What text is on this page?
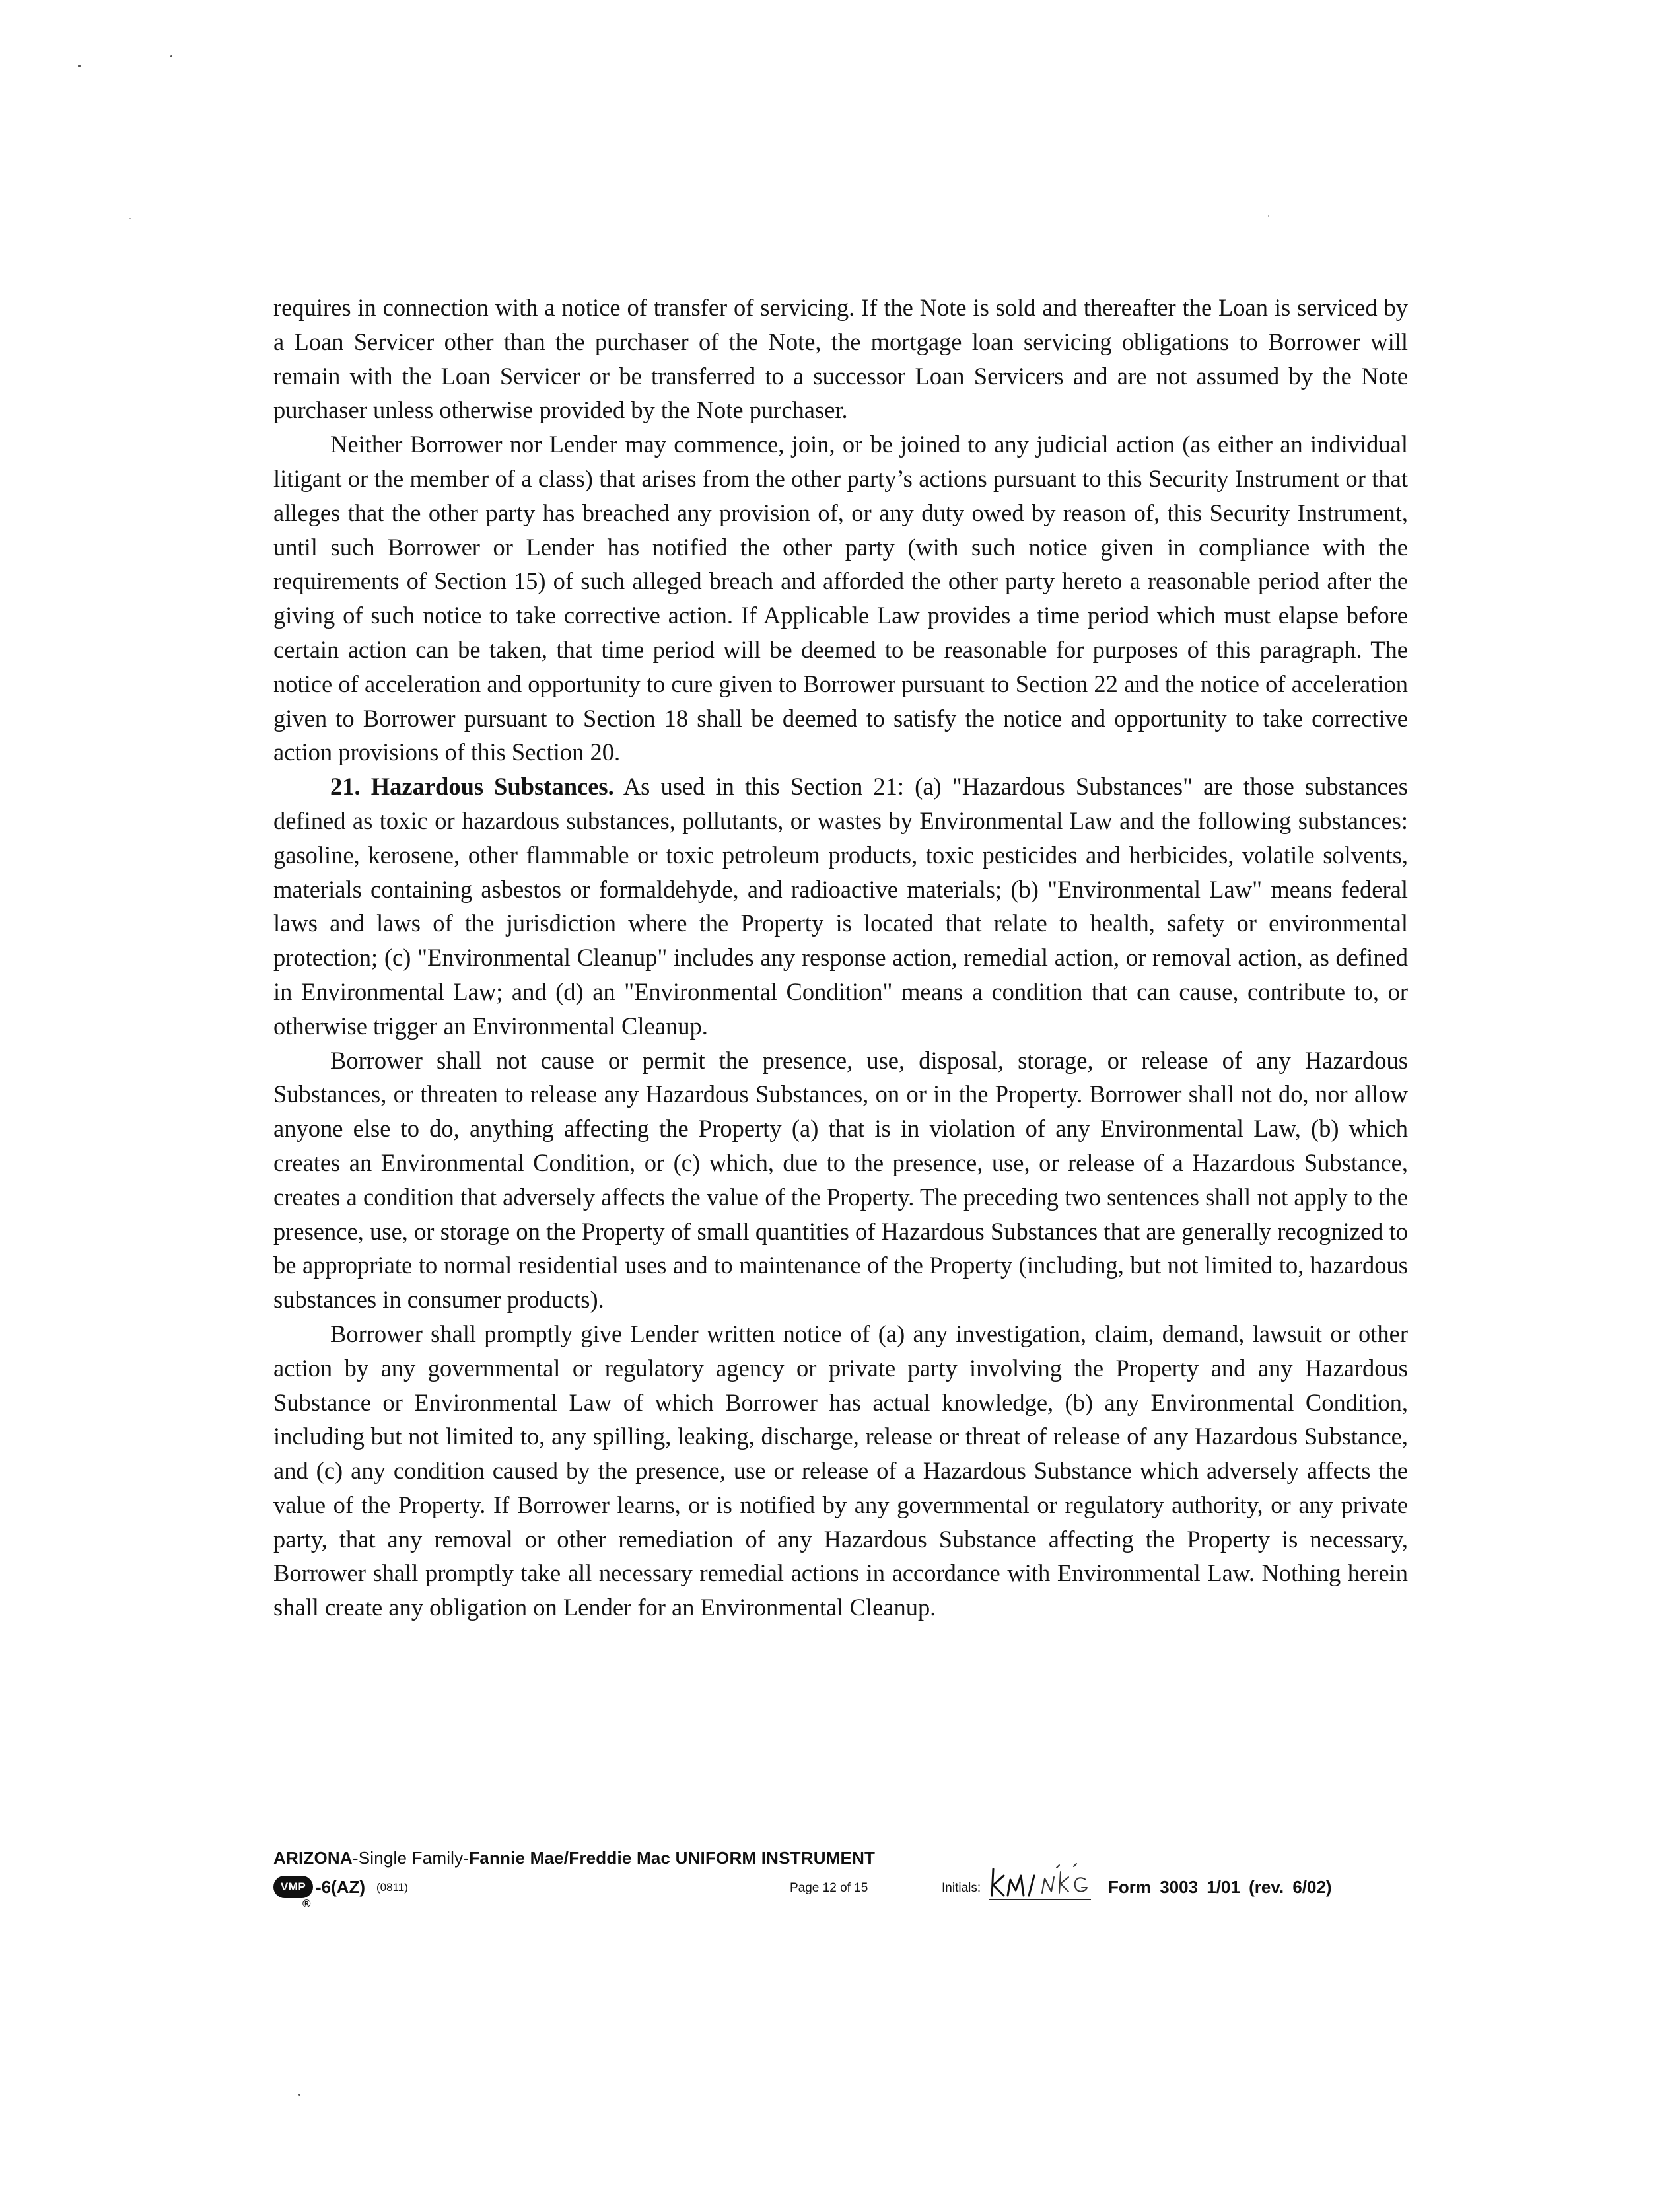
requires in connection with a notice of transfer of servicing. If the Note is sold and thereafter the Loan is serviced by a Loan Servicer other than the purchaser of the Note, the mortgage loan servicing obligations to Borrower will remain with the Loan Servicer or be transferred to a successor Loan Servicers and are not assumed by the Note purchaser unless otherwise provided by the Note purchaser.

Neither Borrower nor Lender may commence, join, or be joined to any judicial action (as either an individual litigant or the member of a class) that arises from the other party’s actions pursuant to this Security Instrument or that alleges that the other party has breached any provision of, or any duty owed by reason of, this Security Instrument, until such Borrower or Lender has notified the other party (with such notice given in compliance with the requirements of Section 15) of such alleged breach and afforded the other party hereto a reasonable period after the giving of such notice to take corrective action. If Applicable Law provides a time period which must elapse before certain action can be taken, that time period will be deemed to be reasonable for purposes of this paragraph. The notice of acceleration and opportunity to cure given to Borrower pursuant to Section 22 and the notice of acceleration given to Borrower pursuant to Section 18 shall be deemed to satisfy the notice and opportunity to take corrective action provisions of this Section 20.

21. Hazardous Substances. As used in this Section 21: (a) "Hazardous Substances" are those substances defined as toxic or hazardous substances, pollutants, or wastes by Environmental Law and the following substances: gasoline, kerosene, other flammable or toxic petroleum products, toxic pesticides and herbicides, volatile solvents, materials containing asbestos or formaldehyde, and radioactive materials; (b) "Environmental Law" means federal laws and laws of the jurisdiction where the Property is located that relate to health, safety or environmental protection; (c) "Environmental Cleanup" includes any response action, remedial action, or removal action, as defined in Environmental Law; and (d) an "Environmental Condition" means a condition that can cause, contribute to, or otherwise trigger an Environmental Cleanup.

Borrower shall not cause or permit the presence, use, disposal, storage, or release of any Hazardous Substances, or threaten to release any Hazardous Substances, on or in the Property. Borrower shall not do, nor allow anyone else to do, anything affecting the Property (a) that is in violation of any Environmental Law, (b) which creates an Environmental Condition, or (c) which, due to the presence, use, or release of a Hazardous Substance, creates a condition that adversely affects the value of the Property. The preceding two sentences shall not apply to the presence, use, or storage on the Property of small quantities of Hazardous Substances that are generally recognized to be appropriate to normal residential uses and to maintenance of the Property (including, but not limited to, hazardous substances in consumer products).

Borrower shall promptly give Lender written notice of (a) any investigation, claim, demand, lawsuit or other action by any governmental or regulatory agency or private party involving the Property and any Hazardous Substance or Environmental Law of which Borrower has actual knowledge, (b) any Environmental Condition, including but not limited to, any spilling, leaking, discharge, release or threat of release of any Hazardous Substance, and (c) any condition caused by the presence, use or release of a Hazardous Substance which adversely affects the value of the Property. If Borrower learns, or is notified by any governmental or regulatory authority, or any private party, that any removal or other remediation of any Hazardous Substance affecting the Property is necessary, Borrower shall promptly take all necessary remedial actions in accordance with Environmental Law. Nothing herein shall create any obligation on Lender for an Environmental Cleanup.

ARIZONA-Single Family-Fannie Mae/Freddie Mac UNIFORM INSTRUMENT
VMP
®
-6(AZ) (0811)	Page 12 of 15	Initials:	Form 3003 1/01 (rev. 6/02)
